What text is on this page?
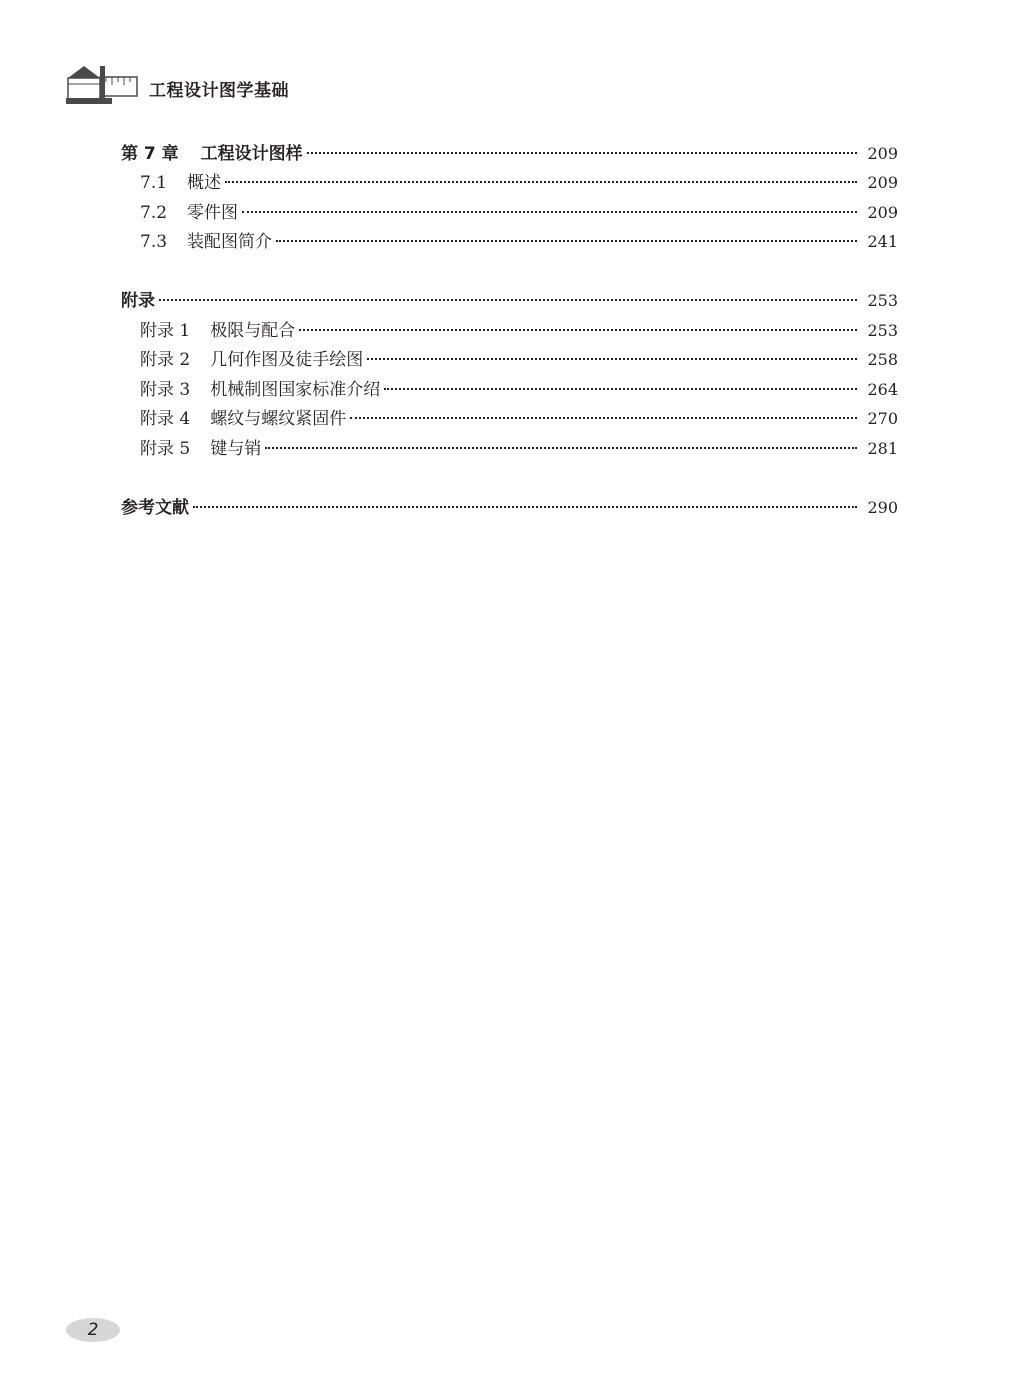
工程设计图学基础
第 7 章 工程设计图样	209
7.1 概述	209
7.2 零件图	209
7.3 装配图简介	241
附录	253
附录 1 极限与配合	253
附录 2 几何作图及徒手绘图	258
附录 3 机械制图国家标准介绍	264
附录 4 螺纹与螺纹紧固件	270
附录 5 键与销	281
参考文献	290
2
